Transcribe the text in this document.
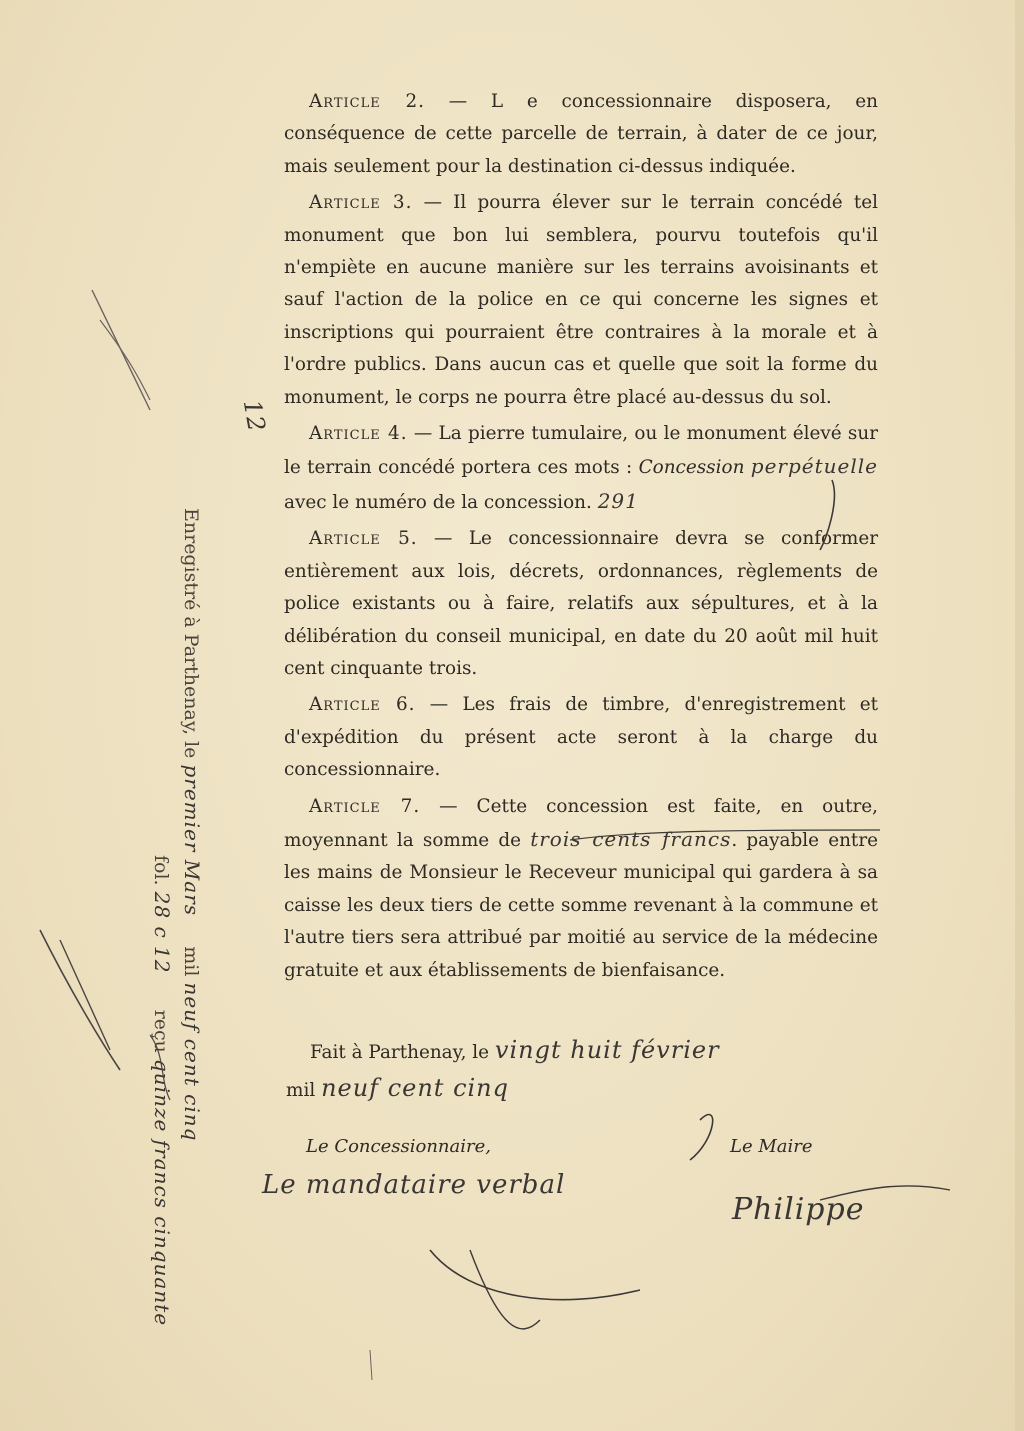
Article 2. — L e concessionnaire disposera, en conséquence de cette parcelle de terrain, à dater de ce jour, mais seulement pour la destination ci-dessus indiquée.

Article 3. — Il pourra élever sur le terrain concédé tel monument que bon lui semblera, pourvu toutefois qu'il n'empiète en aucune manière sur les terrains avoisinants et sauf l'action de la police en ce qui concerne les signes et inscriptions qui pourraient être contraires à la morale et à l'ordre publics. Dans aucun cas et quelle que soit la forme du monument, le corps ne pourra être placé au-dessus du sol.

Article 4. — La pierre tumulaire, ou le monument élevé sur le terrain concédé portera ces mots : Concession perpétuelle avec le numéro de la concession. 291

Article 5. — Le concessionnaire devra se conformer entièrement aux lois, décrets, ordonnances, règlements de police existants ou à faire, relatifs aux sépultures, et à la délibération du conseil municipal, en date du 20 août mil huit cent cinquante trois.

Article 6. — Les frais de timbre, d'enregistrement et d'expédition du présent acte seront à la charge du concessionnaire.

Article 7. — Cette concession est faite, en outre, moyennant la somme de trois cents francs. payable entre les mains de Monsieur le Receveur municipal qui gardera à sa caisse les deux tiers de cette somme revenant à la commune et l'autre tiers sera attribué par moitié au service de la médecine gratuite et aux établissements de bienfaisance.

Fait à Parthenay, le vingt huit février
mil neuf cent cinq
Le Concessionnaire,
Le mandataire verbal
Le Maire
Philippe
12
Enregistré à Parthenay, le premier Mars     mil neuf cent cinq
fol. 28 c 12      reçu quinze francs cinquante
